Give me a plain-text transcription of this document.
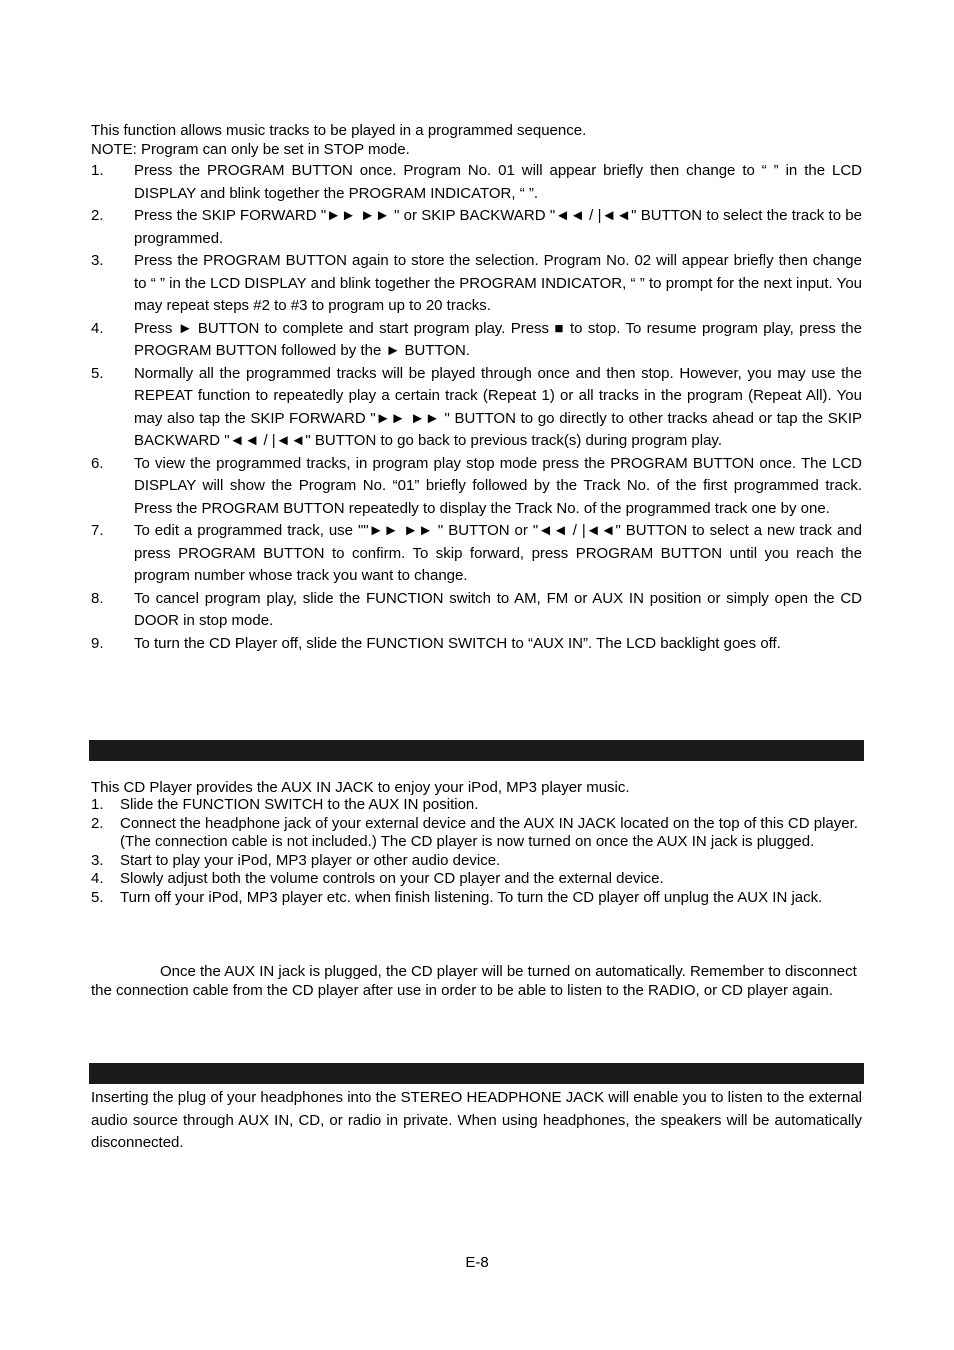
This function allows music tracks to be played in a programmed sequence.

NOTE: Program can only be set in STOP mode.

1.	Press the PROGRAM BUTTON once. Program No. 01 will appear briefly then change to “ ” in the LCD DISPLAY and blink together the PROGRAM INDICATOR, “ ”.
2.	Press the SKIP FORWARD "►► ►► " or SKIP BACKWARD "◄◄ / |◄◄" BUTTON to select the track to be programmed.
3.	Press the PROGRAM BUTTON again to store the selection. Program No. 02 will appear briefly then change to “ ” in the LCD DISPLAY and blink together the PROGRAM INDICATOR, “ ” to prompt for the next input. You may repeat steps #2 to #3 to program up to 20 tracks.
4.	Press ► BUTTON to complete and start program play. Press ■ to stop. To resume program play, press the PROGRAM BUTTON followed by the ► BUTTON.
5.	Normally all the programmed tracks will be played through once and then stop. However, you may use the REPEAT function to repeatedly play a certain track (Repeat 1) or all tracks in the program (Repeat All). You may also tap the SKIP FORWARD "►► ►► " BUTTON to go directly to other tracks ahead or tap the SKIP BACKWARD "◄◄ / |◄◄" BUTTON to go back to previous track(s) during program play.
6.	To view the programmed tracks, in program play stop mode press the PROGRAM BUTTON once. The LCD DISPLAY will show the Program No. “01” briefly followed by the Track No. of the first programmed track. Press the PROGRAM BUTTON repeatedly to display the Track No. of the programmed track one by one.
7.	To edit a programmed track, use ""►► ►► " BUTTON or "◄◄ / |◄◄" BUTTON to select a new track and press PROGRAM BUTTON to confirm. To skip forward, press PROGRAM BUTTON until you reach the program number whose track you want to change.
8.	To cancel program play, slide the FUNCTION switch to AM, FM or AUX IN position or simply open the CD DOOR in stop mode.
9.	To turn the CD Player off, slide the FUNCTION SWITCH to “AUX IN”. The LCD backlight goes off.

This CD Player provides the AUX IN JACK to enjoy your iPod, MP3 player music.

1.	Slide the FUNCTION SWITCH to the AUX IN position.
2.	Connect the headphone jack of your external device and the AUX IN JACK located on the top of this CD player. (The connection cable is not included.) The CD player is now turned on once the AUX IN jack is plugged.
3.	Start to play your iPod, MP3 player or other audio device.
4.	Slowly adjust both the volume controls on your CD player and the external device.
5.	Turn off your iPod, MP3 player etc. when finish listening. To turn the CD player off unplug the AUX IN jack.

Once the AUX IN jack is plugged, the CD player will be turned on automatically. Remember to disconnect the connection cable from the CD player after use in order to be able to listen to the RADIO, or CD player again.

Inserting the plug of your headphones into the STEREO HEADPHONE JACK will enable you to listen to the external audio source through AUX IN, CD, or radio in private. When using headphones, the speakers will be automatically disconnected.

E-8
